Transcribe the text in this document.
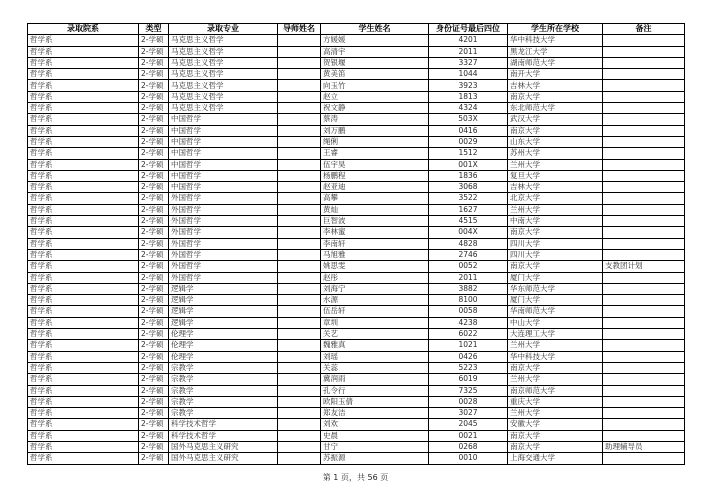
录取院系	类型	录取专业	导师姓名	学生姓名	身份证号最后四位	学生所在学校	备注
哲学系	2-学硕	马克思主义哲学		方媛媛	4201	华中科技大学	
哲学系	2-学硕	马克思主义哲学		高清宇	2011	黑龙江大学	
哲学系	2-学硕	马克思主义哲学		贺银堰	3327	湖南师范大学	
哲学系	2-学硕	马克思主义哲学		黄美笛	1044	南开大学	
哲学系	2-学硕	马克思主义哲学		向玉竹	3923	吉林大学	
哲学系	2-学硕	马克思主义哲学		赵立	1813	南京大学	
哲学系	2-学硕	马克思主义哲学		祝文静	4324	东北师范大学	
哲学系	2-学硕	中国哲学		蔡涛	503X	武汉大学	
哲学系	2-学硕	中国哲学		刘万鹏	0416	南京大学	
哲学系	2-学硕	中国哲学		绳俐	0029	山东大学	
哲学系	2-学硕	中国哲学		王睿	1512	苏州大学	
哲学系	2-学硕	中国哲学		伍宇昊	001X	兰州大学	
哲学系	2-学硕	中国哲学		杨鹏程	1836	复旦大学	
哲学系	2-学硕	中国哲学		赵亚迪	3068	吉林大学	
哲学系	2-学硕	外国哲学		高攀	3522	北京大学	
哲学系	2-学硕	外国哲学		黄灿	1627	兰州大学	
哲学系	2-学硕	外国哲学		巨智波	4515	中南大学	
哲学系	2-学硕	外国哲学		李林蜜	004X	南京大学	
哲学系	2-学硕	外国哲学		李南轩	4828	四川大学	
哲学系	2-学硕	外国哲学		马旭雅	2746	四川大学	
哲学系	2-学硕	外国哲学		姚思雯	0052	南京大学	支教团计划
哲学系	2-学硕	外国哲学		赵彤	2011	厦门大学	
哲学系	2-学硕	逻辑学		刘海宁	3882	华东师范大学	
哲学系	2-学硕	逻辑学		水源	8100	厦门大学	
哲学系	2-学硕	逻辑学		伍岳轩	0058	华南师范大学	
哲学系	2-学硕	逻辑学		章圳	4238	中山大学	
哲学系	2-学硕	伦理学		关艺	6022	大连理工大学	
哲学系	2-学硕	伦理学		魏雅真	1021	兰州大学	
哲学系	2-学硕	伦理学		刘瑶	0426	华中科技大学	
哲学系	2-学硕	宗教学		关蕊	5223	南京大学	
哲学系	2-学硕	宗教学		冀润雨	6019	兰州大学	
哲学系	2-学硕	宗教学		孔令行	7325	南京师范大学	
哲学系	2-学硕	宗教学		欧阳玉倩	0028	重庆大学	
哲学系	2-学硕	宗教学		郑友洁	3027	兰州大学	
哲学系	2-学硕	科学技术哲学		刘欢	2045	安徽大学	
哲学系	2-学硕	科学技术哲学		史晨	0021	南京大学	
哲学系	2-学硕	国外马克思主义研究		甘宁	0268	南京大学	助理辅导员
哲学系	2-学硕	国外马克思主义研究		苏振源	0010	上海交通大学	
第 1 页，共 56 页
